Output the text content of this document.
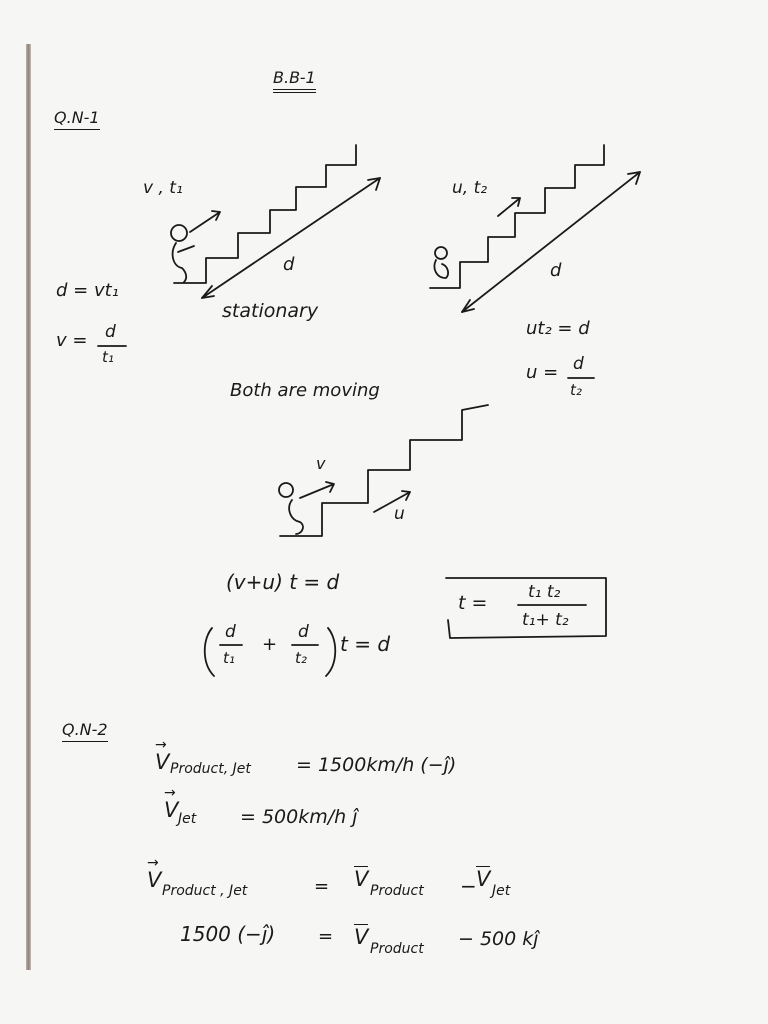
B.B-1
Q.N-1
v , t₁
d
stationary
d = vt₁
v = d
t₁
u, t₂
d
ut₂ = d
u = d
t₂
Both are moving
v
u
(v+u) t = d
d
t₁
+
d
t₂
t = d
t = t₁ t₂
t₁+ t₂
Q.N-2
V
→
Product, Jet = 1500km/h (−ĵ)
V
→
Jet = 500km/h ĵ
V
→
Product , Jet	= V Product − V Jet
1500 (−ĵ) = V Product − 500 kĵ
